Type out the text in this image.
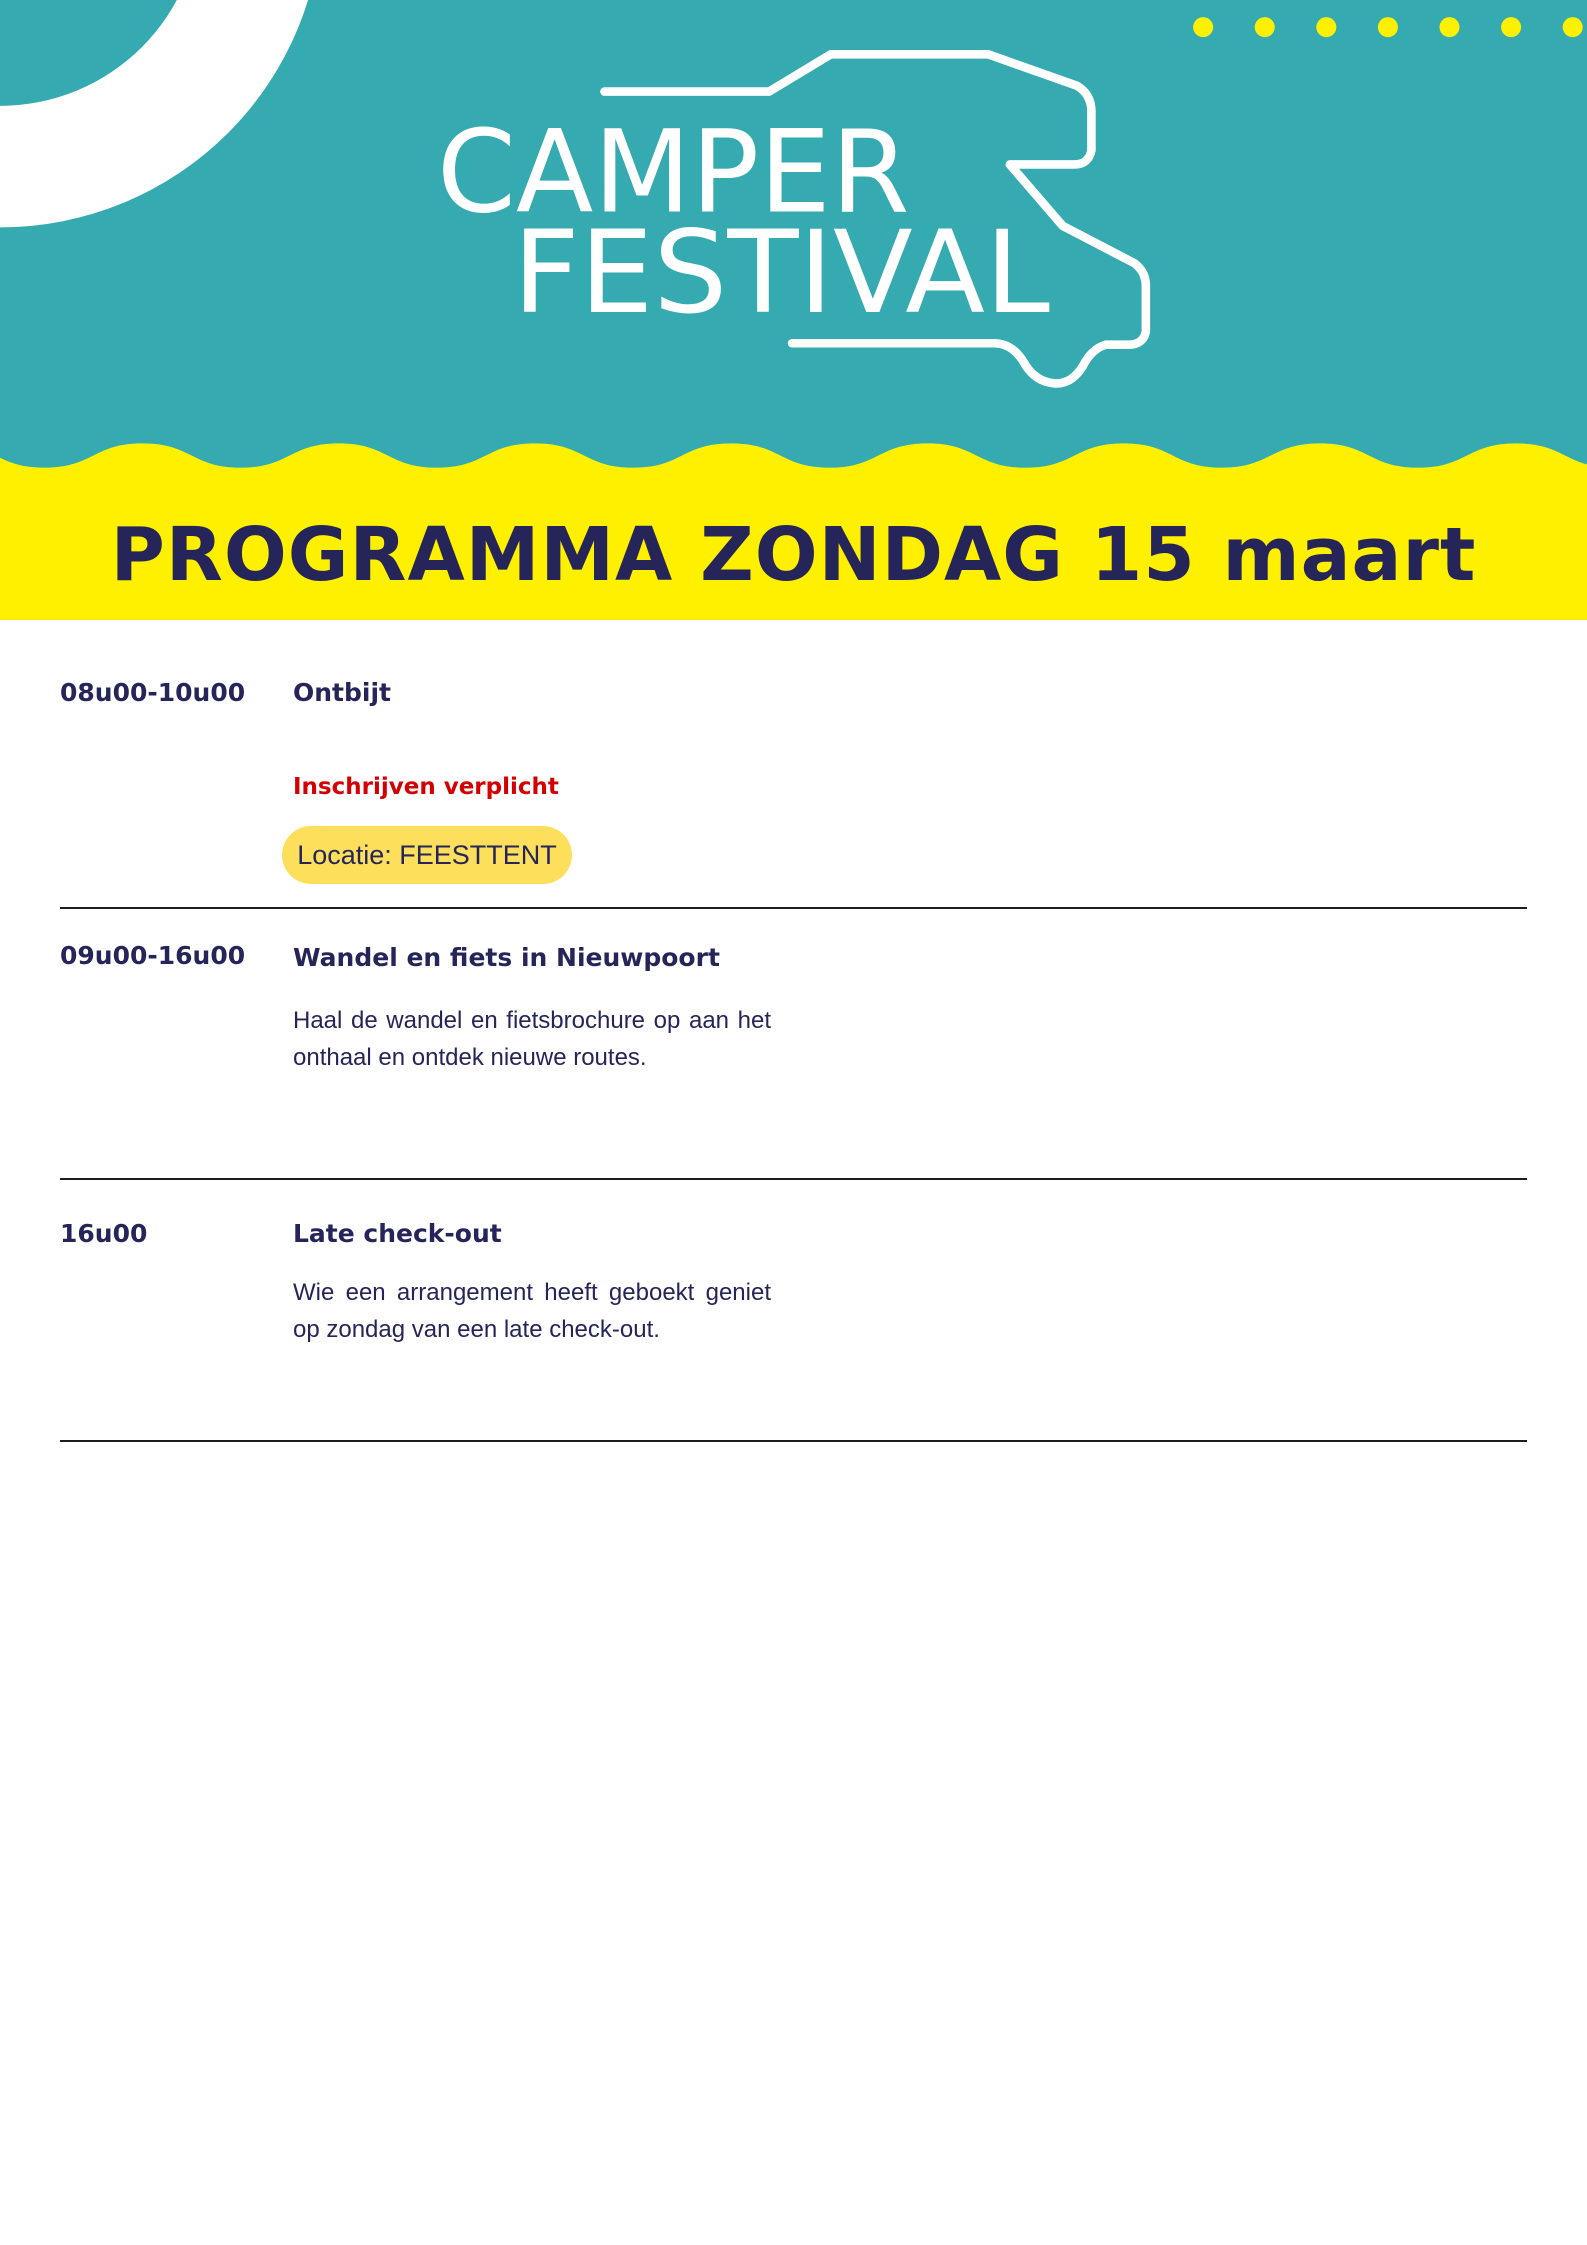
CAMPER
FESTIVAL
PROGRAMMA ZONDAG 15 maart
08u00-10u00 Ontbijt
Inschrijven verplicht
Locatie: FEESTTENT
09u00-16u00 Wandel en fiets in Nieuwpoort
Haal de wandel en fietsbrochure op aan het onthaal en ontdek nieuwe routes.
16u00	Late check-out
Wie een arrangement heeft geboekt geniet op zondag van een late check-out.
